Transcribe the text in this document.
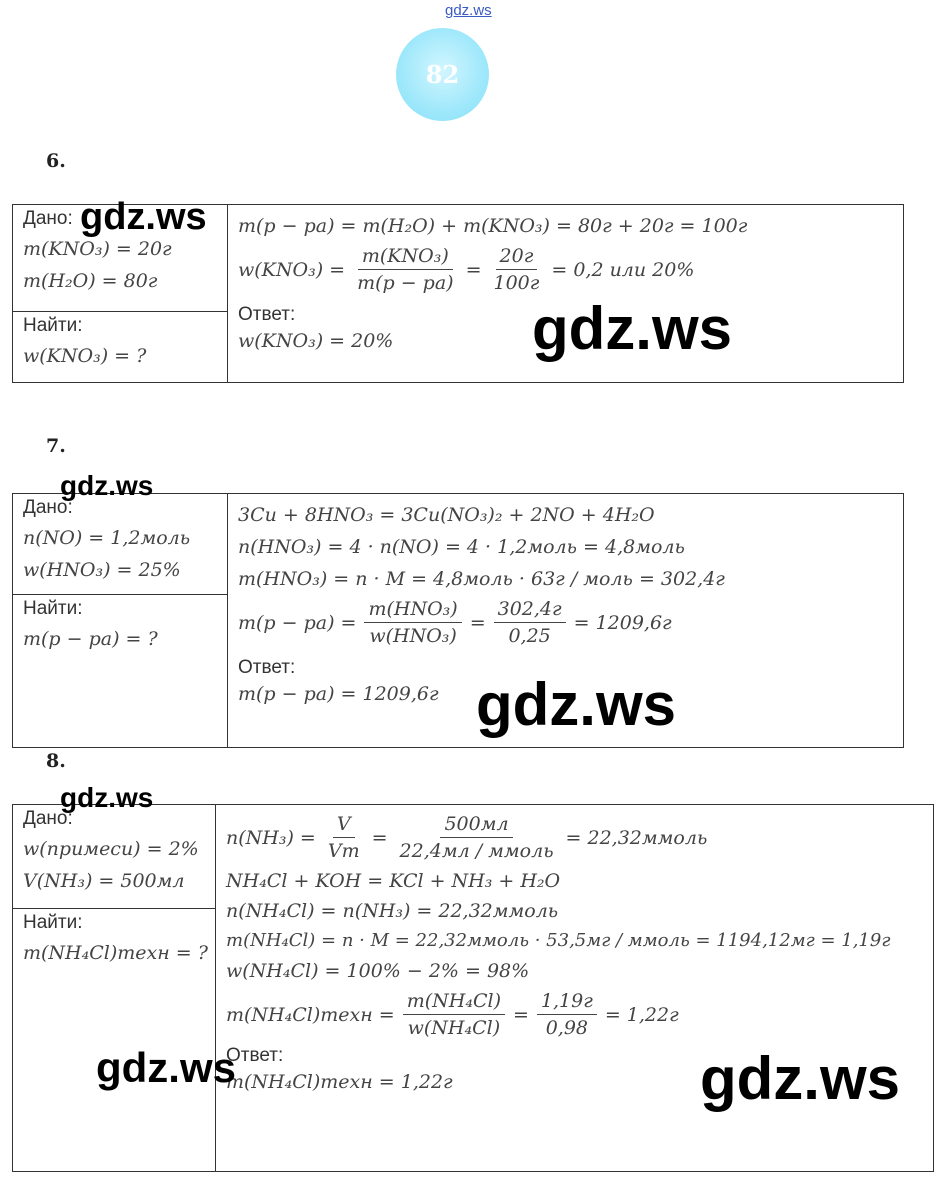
gdz.ws
82
6.
Дано:
m(KNO₃) = 20г
m(H₂O) = 80г
Найти:
w(KNO₃) = ?
m(p − pa) = m(H₂O) + m(KNO₃) = 80г + 20г = 100г
$w(KNO_3) = \frac{\text{m(KNO₃)}}{m(p - pa)} = \frac{20г}{100г} = 0,2$ или 20%
Ответ:
w(KNO₃) = 20%
7.
Дано:
n(NO) = 1,2моль
w(HNO₃) = 25%
Найти:
m(p − pa) = ?
3Cu + 8HNO₃ = 3Cu(NO₃)₂ + 2NO + 4H₂O
n(HNO₃) = 4 · n(NO) = 4 · 1,2моль = 4,8моль
m(HNO₃) = n · M = 4,8моль · 63г / моль = 302,4г
$m(p - pa) = \frac{\text{m(HNO₃)}}{\text{w(HNO₃)}} = \frac{302,4г}{0,25} = 1209,6г$
Ответ:
m(p − pa) = 1209,6г
8.
Дано:
w(примеси) = 2%
V(NH₃) = 500мл
Найти:
m(NH₄Cl)техн = ?
$n(NH_3) = \frac{V}{Vm} = \frac{500мл}{\text{22,4мл / ммоль}}$ = 22,32ммоль
NH₄Cl + KOH = KCl + NH₃ + H₂O
n(NH₄Cl) = n(NH₃) = 22,32ммоль
m(NH₄Cl) = n · M = 22,32ммоль · 53,5мг / ммоль = 1194,12мг = 1,19г
w(NH₄Cl) = 100% − 2% = 98%
m(NH₄Cl)техн = $\frac{\text{m(NH₄Cl)}}{\text{w(NH₄Cl)}} = \frac{1,19г}{0,98} = 1,22г$
Ответ:
m(NH₄Cl)техн = 1,22г
gdz.ws
gdz.ws
gdz.ws
gdz.ws
gdz.ws
gdz.ws	gdz.ws
